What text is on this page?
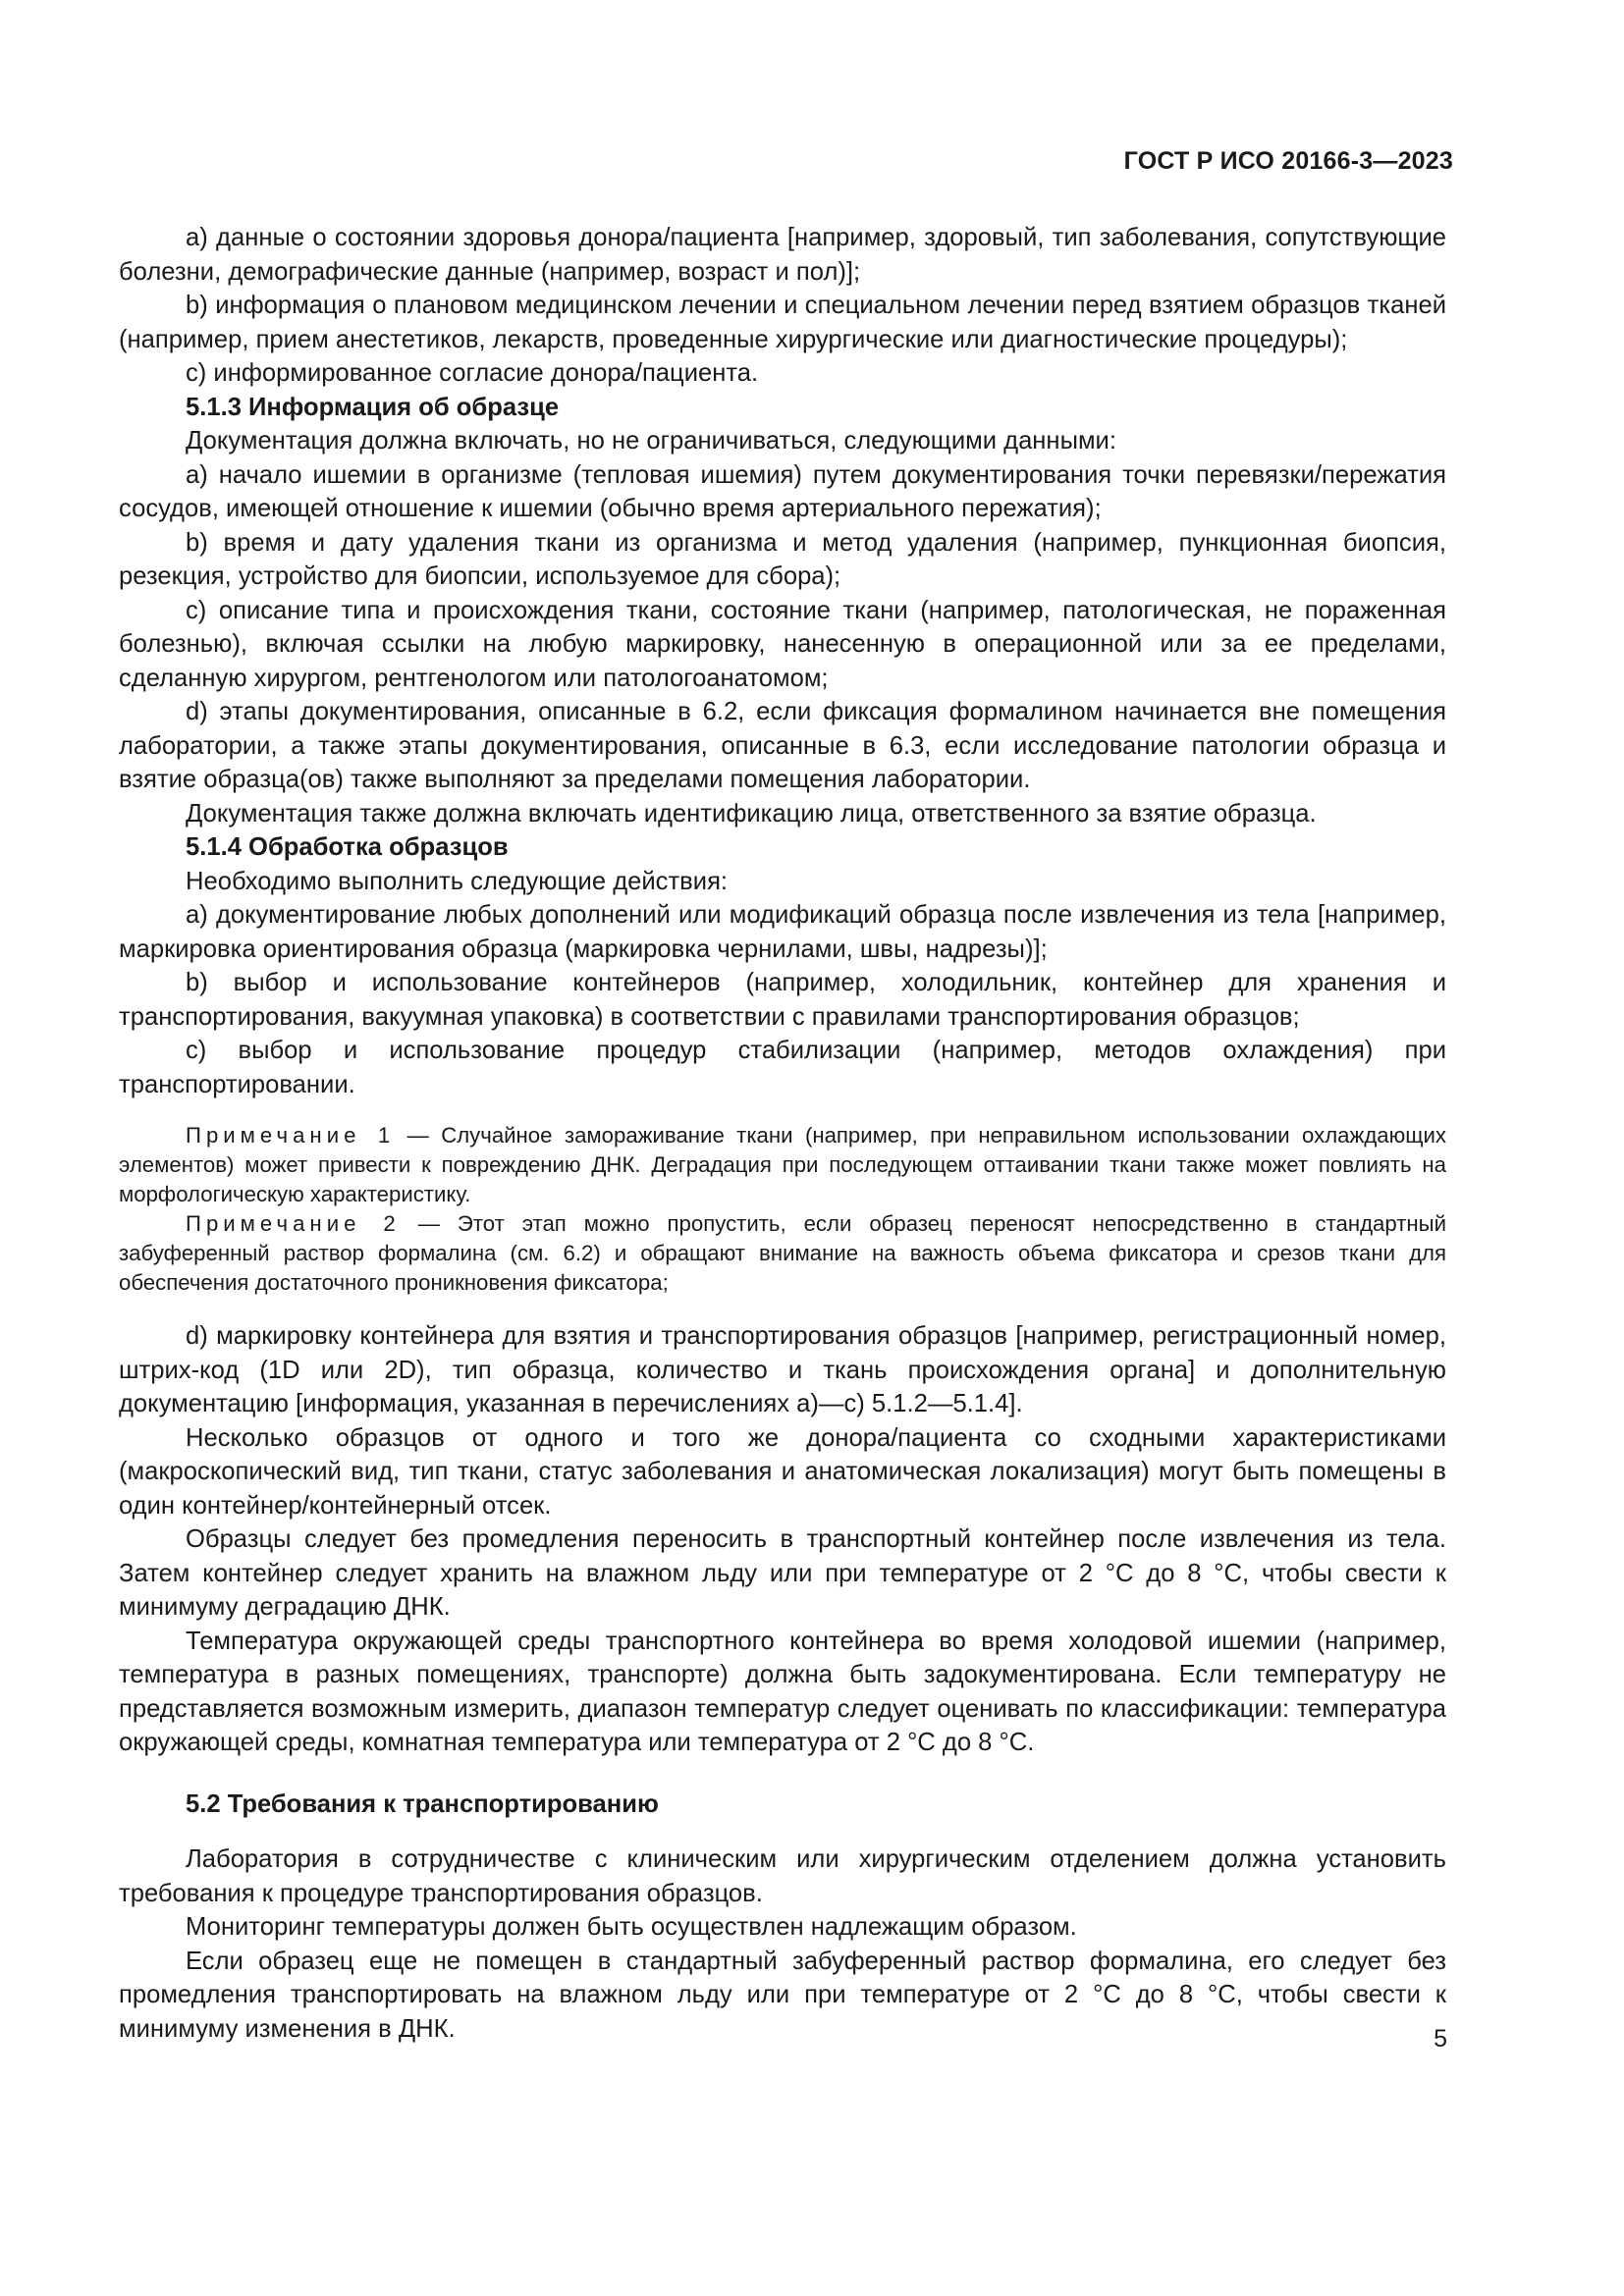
ГОСТ Р ИСО 20166-3—2023

a) данные о состоянии здоровья донора/пациента [например, здоровый, тип заболевания, сопутствующие болезни, демографические данные (например, возраст и пол)];

b) информация о плановом медицинском лечении и специальном лечении перед взятием образцов тканей (например, прием анестетиков, лекарств, проведенные хирургические или диагностические процедуры);

c) информированное согласие донора/пациента.

5.1.3 Информация об образце

Документация должна включать, но не ограничиваться, следующими данными:

a) начало ишемии в организме (тепловая ишемия) путем документирования точки перевязки/пережатия сосудов, имеющей отношение к ишемии (обычно время артериального пережатия);

b) время и дату удаления ткани из организма и метод удаления (например, пункционная биопсия, резекция, устройство для биопсии, используемое для сбора);

c) описание типа и происхождения ткани, состояние ткани (например, патологическая, не пораженная болезнью), включая ссылки на любую маркировку, нанесенную в операционной или за ее пределами, сделанную хирургом, рентгенологом или патологоанатомом;

d) этапы документирования, описанные в 6.2, если фиксация формалином начинается вне помещения лаборатории, а также этапы документирования, описанные в 6.3, если исследование патологии образца и взятие образца(ов) также выполняют за пределами помещения лаборатории.

Документация также должна включать идентификацию лица, ответственного за взятие образца.

5.1.4 Обработка образцов

Необходимо выполнить следующие действия:

a) документирование любых дополнений или модификаций образца после извлечения из тела [например, маркировка ориентирования образца (маркировка чернилами, швы, надрезы)];

b) выбор и использование контейнеров (например, холодильник, контейнер для хранения и транспортирования, вакуумная упаковка) в соответствии с правилами транспортирования образцов;

c) выбор и использование процедур стабилизации (например, методов охлаждения) при транспортировании.

Примечание 1 — Случайное замораживание ткани (например, при неправильном использовании охлаждающих элементов) может привести к повреждению ДНК. Деградация при последующем оттаивании ткани также может повлиять на морфологическую характеристику.

Примечание 2 — Этот этап можно пропустить, если образец переносят непосредственно в стандартный забуференный раствор формалина (см. 6.2) и обращают внимание на важность объема фиксатора и срезов ткани для обеспечения достаточного проникновения фиксатора;

d) маркировку контейнера для взятия и транспортирования образцов [например, регистрационный номер, штрих-код (1D или 2D), тип образца, количество и ткань происхождения органа] и дополнительную документацию [информация, указанная в перечислениях a)—c) 5.1.2—5.1.4].

Несколько образцов от одного и того же донора/пациента со сходными характеристиками (макроскопический вид, тип ткани, статус заболевания и анатомическая локализация) могут быть помещены в один контейнер/контейнерный отсек.

Образцы следует без промедления переносить в транспортный контейнер после извлечения из тела. Затем контейнер следует хранить на влажном льду или при температуре от 2 °С до 8 °С, чтобы свести к минимуму деградацию ДНК.

Температура окружающей среды транспортного контейнера во время холодовой ишемии (например, температура в разных помещениях, транспорте) должна быть задокументирована. Если температуру не представляется возможным измерить, диапазон температур следует оценивать по классификации: температура окружающей среды, комнатная температура или температура от 2 °С до 8 °С.

5.2 Требования к транспортированию

Лаборатория в сотрудничестве с клиническим или хирургическим отделением должна установить требования к процедуре транспортирования образцов.

Мониторинг температуры должен быть осуществлен надлежащим образом.

Если образец еще не помещен в стандартный забуференный раствор формалина, его следует без промедления транспортировать на влажном льду или при температуре от 2 °С до 8 °С, чтобы свести к минимуму изменения в ДНК.	5
